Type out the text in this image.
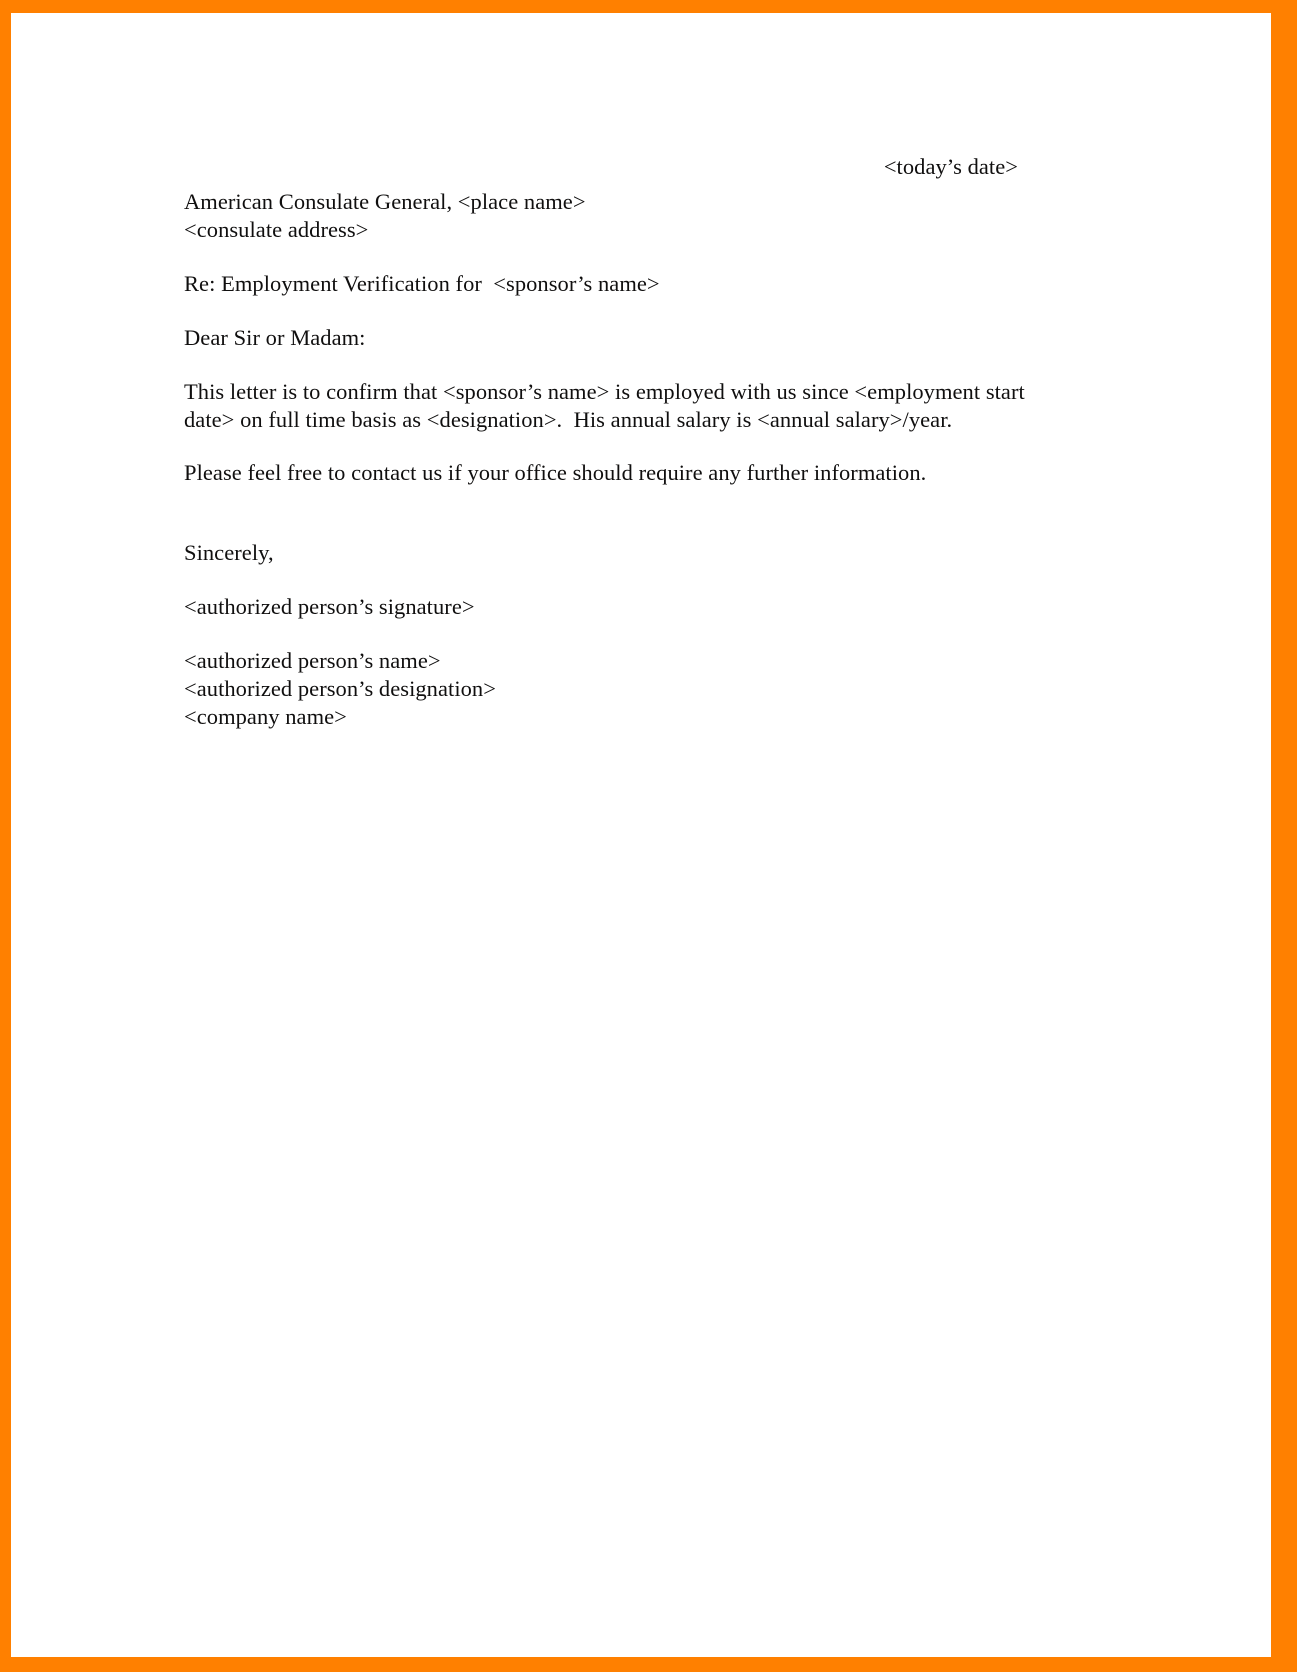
<today’s date>
American Consulate General, <place name>
<consulate address>
Re: Employment Verification for  <sponsor’s name>
Dear Sir or Madam:
This letter is to confirm that <sponsor’s name> is employed with us since <employment start date> on full time basis as <designation>.  His annual salary is <annual salary>/year.
Please feel free to contact us if your office should require any further information.
Sincerely,
<authorized person’s signature>
<authorized person’s name>
<authorized person’s designation>
<company name>
